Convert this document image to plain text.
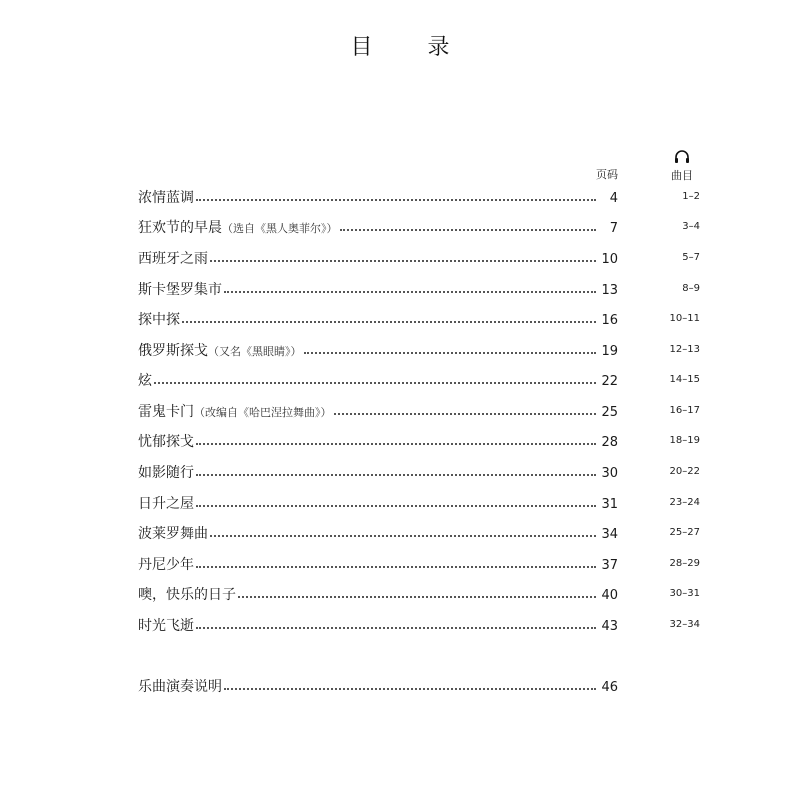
目 录
页码	曲目
浓情蓝调	4	1–2
狂欢节的早晨 （选自《黑人奥菲尔》）	7	3–4
西班牙之雨	10	5–7
斯卡堡罗集市	13	8–9
探中探	16	10–11
俄罗斯探戈 （又名《黑眼睛》）	19	12–13
炫	22	14–15
雷鬼卡门 （改编自《哈巴涅拉舞曲》）	25	16–17
忧郁探戈	28	18–19
如影随行	30	20–22
日升之屋	31	23–24
波莱罗舞曲	34	25–27
丹尼少年	37	28–29
噢，快乐的日子	40	30–31
时光飞逝	43	32–34
乐曲演奏说明	46
